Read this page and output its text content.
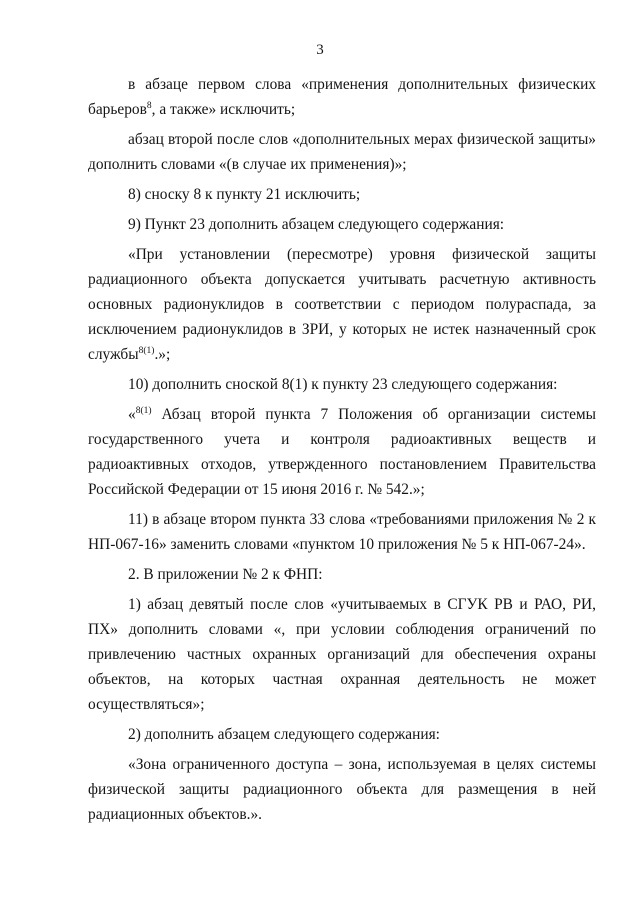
3

в абзаце первом слова «применения дополнительных физических барьеров$^8$, а также» исключить;

абзац второй после слов «дополнительных мерах физической защиты» дополнить словами «(в случае их применения)»;

8) сноску 8 к пункту 21 исключить;

9) Пункт 23 дополнить абзацем следующего содержания:

«При установлении (пересмотре) уровня физической защиты радиационного объекта допускается учитывать расчетную активность основных радионуклидов в соответствии с периодом полураспада, за исключением радионуклидов в ЗРИ, у которых не истек назначенный срок службы$^{8(1)}$.»;

10) дополнить сноской 8(1) к пункту 23 следующего содержания:

«$^{8(1)}$ Абзац второй пункта 7 Положения об организации системы государственного учета и контроля радиоактивных веществ и радиоактивных отходов, утвержденного постановлением Правительства Российской Федерации от 15 июня 2016 г. № 542.»;

11) в абзаце втором пункта 33 слова «требованиями приложения № 2 к НП-067-16» заменить словами «пунктом 10 приложения № 5 к НП-067-24».

2. В приложении № 2 к ФНП:

1) абзац девятый после слов «учитываемых в СГУК РВ и РАО, РИ, ПХ» дополнить словами «, при условии соблюдения ограничений по привлечению частных охранных организаций для обеспечения охраны объектов, на которых частная охранная деятельность не может осуществляться»;

2) дополнить абзацем следующего содержания:

«Зона ограниченного доступа – зона, используемая в целях системы физической защиты радиационного объекта для размещения в ней радиационных объектов.».
